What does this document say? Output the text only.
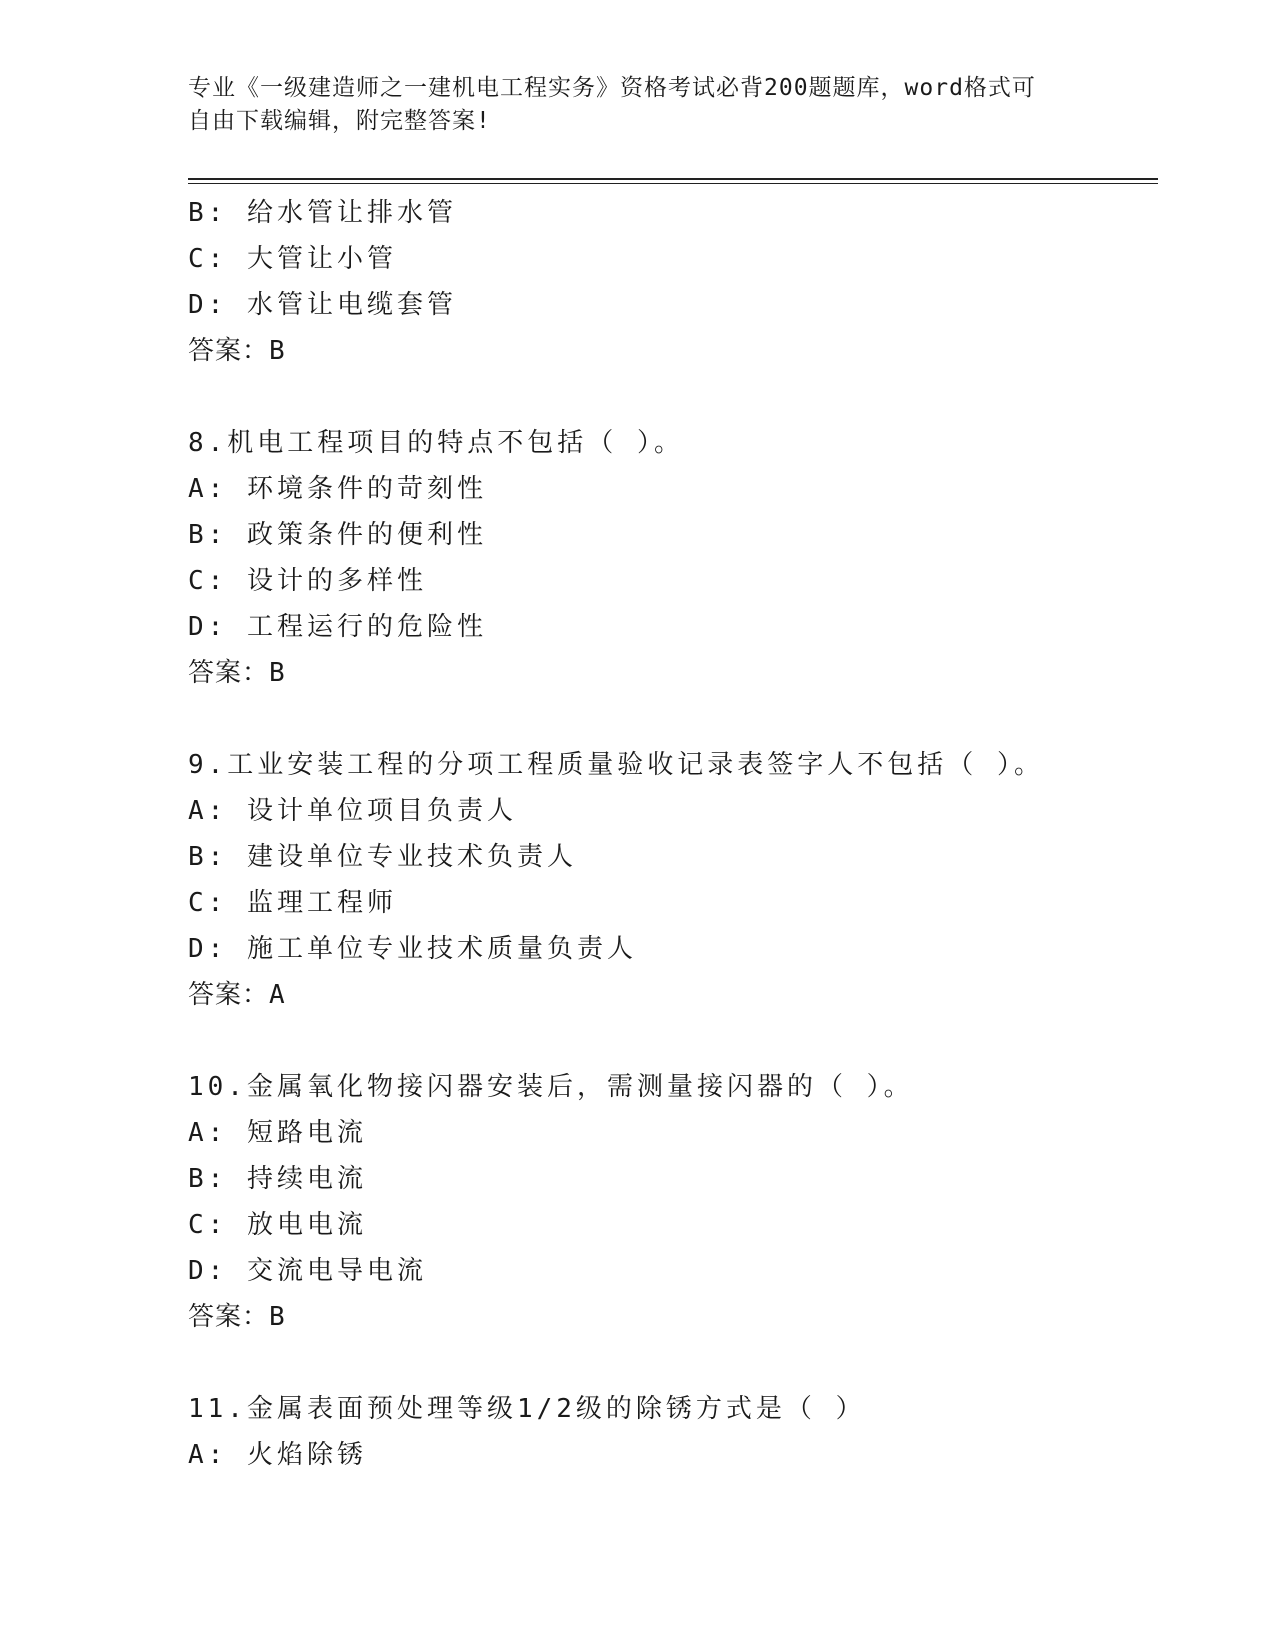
专业《一级建造师之一建机电工程实务》资格考试必背200题题库，word格式可
自由下载编辑，附完整答案!
B: 给水管让排水管
C: 大管让小管
D: 水管让电缆套管
答案：B
8.机电工程项目的特点不包括（ ）。
A: 环境条件的苛刻性
B: 政策条件的便利性
C: 设计的多样性
D: 工程运行的危险性
答案：B
9.工业安装工程的分项工程质量验收记录表签字人不包括（ ）。
A: 设计单位项目负责人
B: 建设单位专业技术负责人
C: 监理工程师
D: 施工单位专业技术质量负责人
答案：A
10.金属氧化物接闪器安装后，需测量接闪器的（ ）。
A: 短路电流
B: 持续电流
C: 放电电流
D: 交流电导电流
答案：B
11.金属表面预处理等级1/2级的除锈方式是（ ）
A: 火焰除锈
